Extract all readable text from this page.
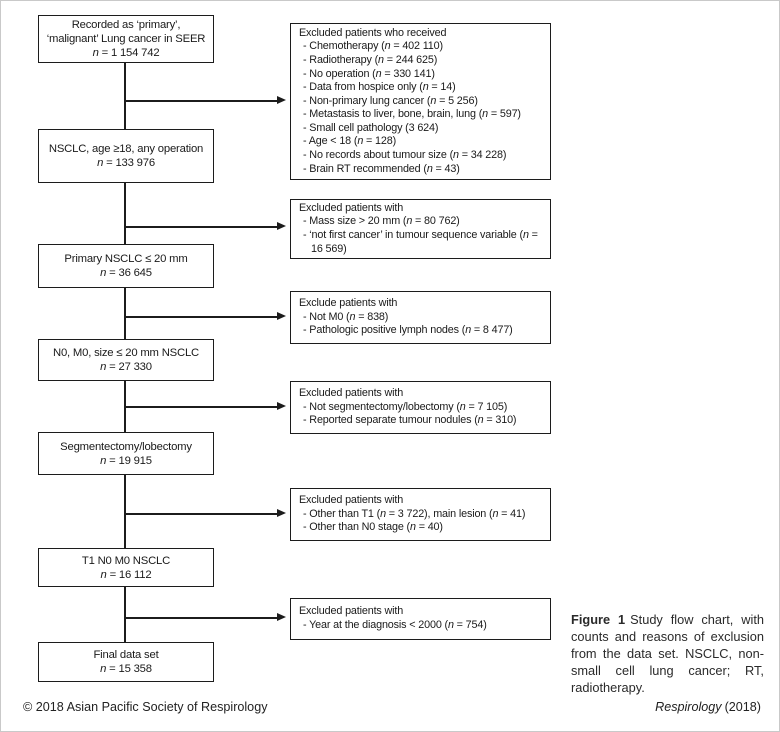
Recorded as ‘primary’,
‘malignant’ Lung cancer in SEER
n = 1 154 742
NSCLC, age ≥18, any operation
n = 133 976
Primary NSCLC ≤ 20 mm
n = 36 645
N0, M0, size ≤ 20 mm NSCLC
n = 27 330
Segmentectomy/lobectomy
n = 19 915
T1 N0 M0 NSCLC
n = 16 112
Final data set
n = 15 358
Excluded patients who received
- Chemotherapy (n = 402 110)
- Radiotherapy (n = 244 625)
- No operation (n = 330 141)
- Data from hospice only (n = 14)
- Non-primary lung cancer (n = 5 256)
- Metastasis to liver, bone, brain, lung (n = 597)
- Small cell pathology (3 624)
- Age < 18 (n = 128)
- No records about tumour size (n = 34 228)
- Brain RT recommended (n = 43)
Excluded patients with
- Mass size > 20 mm (n = 80 762)
- ‘not first cancer’ in tumour sequence variable (n = 16 569)
Exclude patients with
- Not M0 (n = 838)
- Pathologic positive lymph nodes (n = 8 477)
Excluded patients with
- Not segmentectomy/lobectomy (n = 7 105)
- Reported separate tumour nodules (n = 310)
Excluded patients with
- Other than T1 (n = 3 722), main lesion (n = 41)
- Other than N0 stage (n = 40)
Excluded patients with
- Year at the diagnosis < 2000 (n = 754)	Figure 1 Study flow chart, with counts and reasons of exclusion from the data set. NSCLC, non-small cell lung cancer; RT, radiotherapy.
© 2018 Asian Pacific Society of Respirology	Respirology (2018)
